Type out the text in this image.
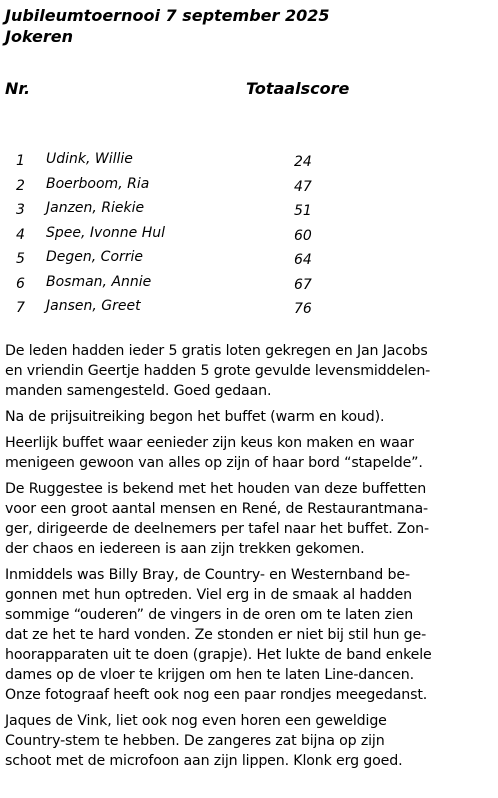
Jubileumtoernooi 7 september 2025
Jokeren
Nr.	Totaalscore
1 Udink, Willie	24
2 Boerboom, Ria	47
3 Janzen, Riekie	51
4 Spee, Ivonne Hul	60
5 Degen, Corrie	64
6 Bosman, Annie	67
7 Jansen, Greet	76

De leden hadden ieder 5 gratis loten gekregen en Jan Jacobs
en vriendin Geertje hadden 5 grote gevulde levensmiddelen-
manden samengesteld. Goed gedaan.

Na de prijsuitreiking begon het buffet (warm en koud).

Heerlijk buffet waar eenieder zijn keus kon maken en waar
menigeen gewoon van alles op zijn of haar bord “stapelde”.

De Ruggestee is bekend met het houden van deze buffetten
voor een groot aantal mensen en René, de Restaurantmana-
ger, dirigeerde de deelnemers per tafel naar het buffet. Zon-
der chaos en iedereen is aan zijn trekken gekomen.

Inmiddels was Billy Bray, de Country- en Westernband be-
gonnen met hun optreden. Viel erg in de smaak al hadden
sommige “ouderen” de vingers in de oren om te laten zien
dat ze het te hard vonden. Ze stonden er niet bij stil hun ge-
hoorapparaten uit te doen (grapje). Het lukte de band enkele
dames op de vloer te krijgen om hen te laten Line-dancen.
Onze fotograaf heeft ook nog een paar rondjes meegedanst.

Jaques de Vink, liet ook nog even horen een geweldige
Country-stem te hebben. De zangeres zat bijna op zijn
schoot met de microfoon aan zijn lippen. Klonk erg goed.
